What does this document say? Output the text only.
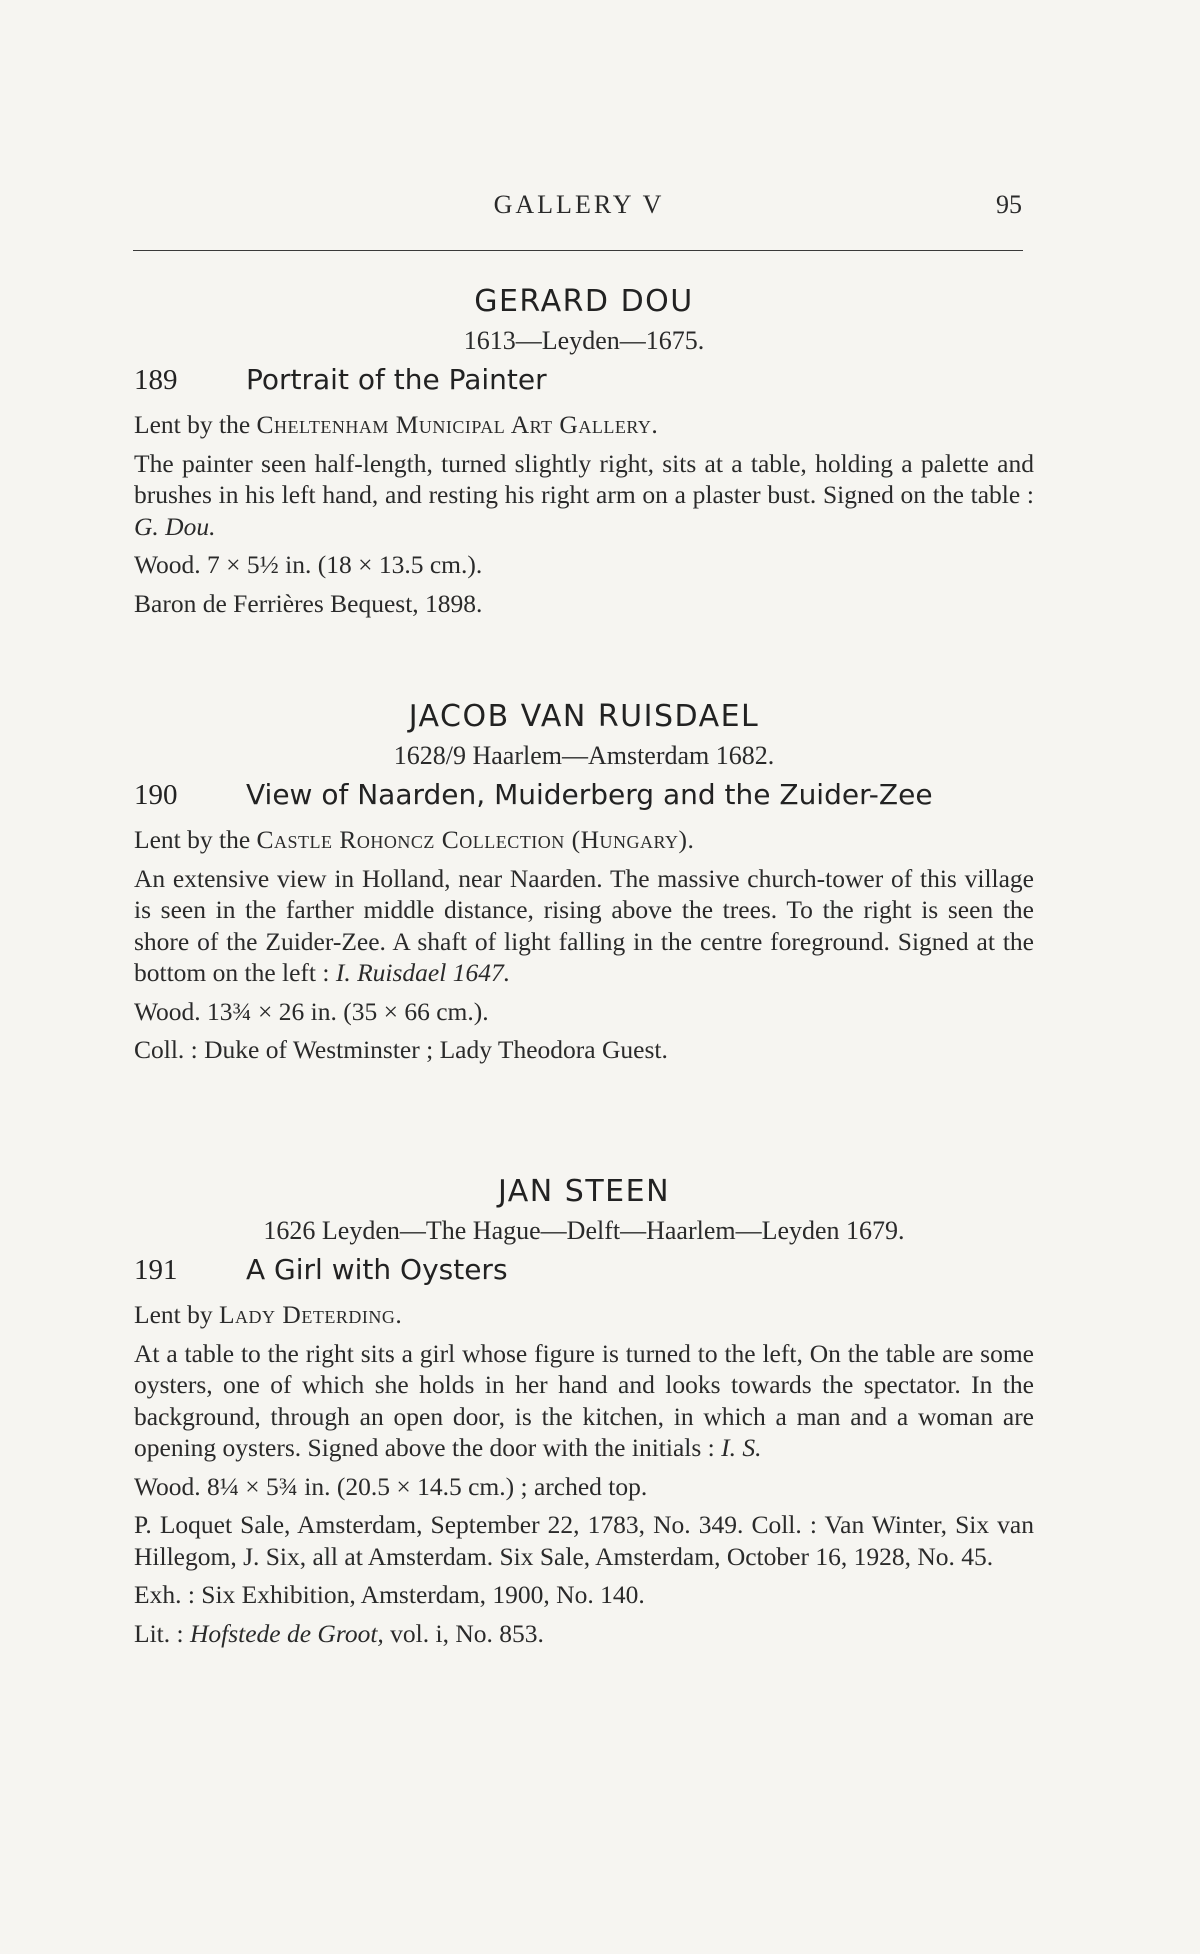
GALLERY V	95

GERARD DOU

1613—Leyden—1675.

189 Portrait of the Painter

Lent by the Cheltenham Municipal Art Gallery.

The painter seen half-length, turned slightly right, sits at a table, holding a palette and brushes in his left hand, and resting his right arm on a plaster bust. Signed on the table : G. Dou.

Wood. 7 × 5½ in. (18 × 13.5 cm.).

Baron de Ferrières Bequest, 1898.

JACOB VAN RUISDAEL

1628/9 Haarlem—Amsterdam 1682.

190 View of Naarden, Muiderberg and the Zuider-Zee

Lent by the Castle Rohoncz Collection (Hungary).

An extensive view in Holland, near Naarden. The massive church-tower of this village is seen in the farther middle distance, rising above the trees. To the right is seen the shore of the Zuider-Zee. A shaft of light falling in the centre foreground. Signed at the bottom on the left : I. Ruisdael 1647.

Wood. 13¾ × 26 in. (35 × 66 cm.).

Coll. : Duke of Westminster ; Lady Theodora Guest.

JAN STEEN

1626 Leyden—The Hague—Delft—Haarlem—Leyden 1679.

191 A Girl with Oysters

Lent by Lady Deterding.

At a table to the right sits a girl whose figure is turned to the left, On the table are some oysters, one of which she holds in her hand and looks towards the spectator. In the background, through an open door, is the kitchen, in which a man and a woman are opening oysters. Signed above the door with the initials : I. S.

Wood. 8¼ × 5¾ in. (20.5 × 14.5 cm.) ; arched top.

P. Loquet Sale, Amsterdam, September 22, 1783, No. 349. Coll. : Van Winter, Six van Hillegom, J. Six, all at Amsterdam. Six Sale, Amsterdam, October 16, 1928, No. 45.

Exh. : Six Exhibition, Amsterdam, 1900, No. 140.

Lit. : Hofstede de Groot, vol. i, No. 853.
